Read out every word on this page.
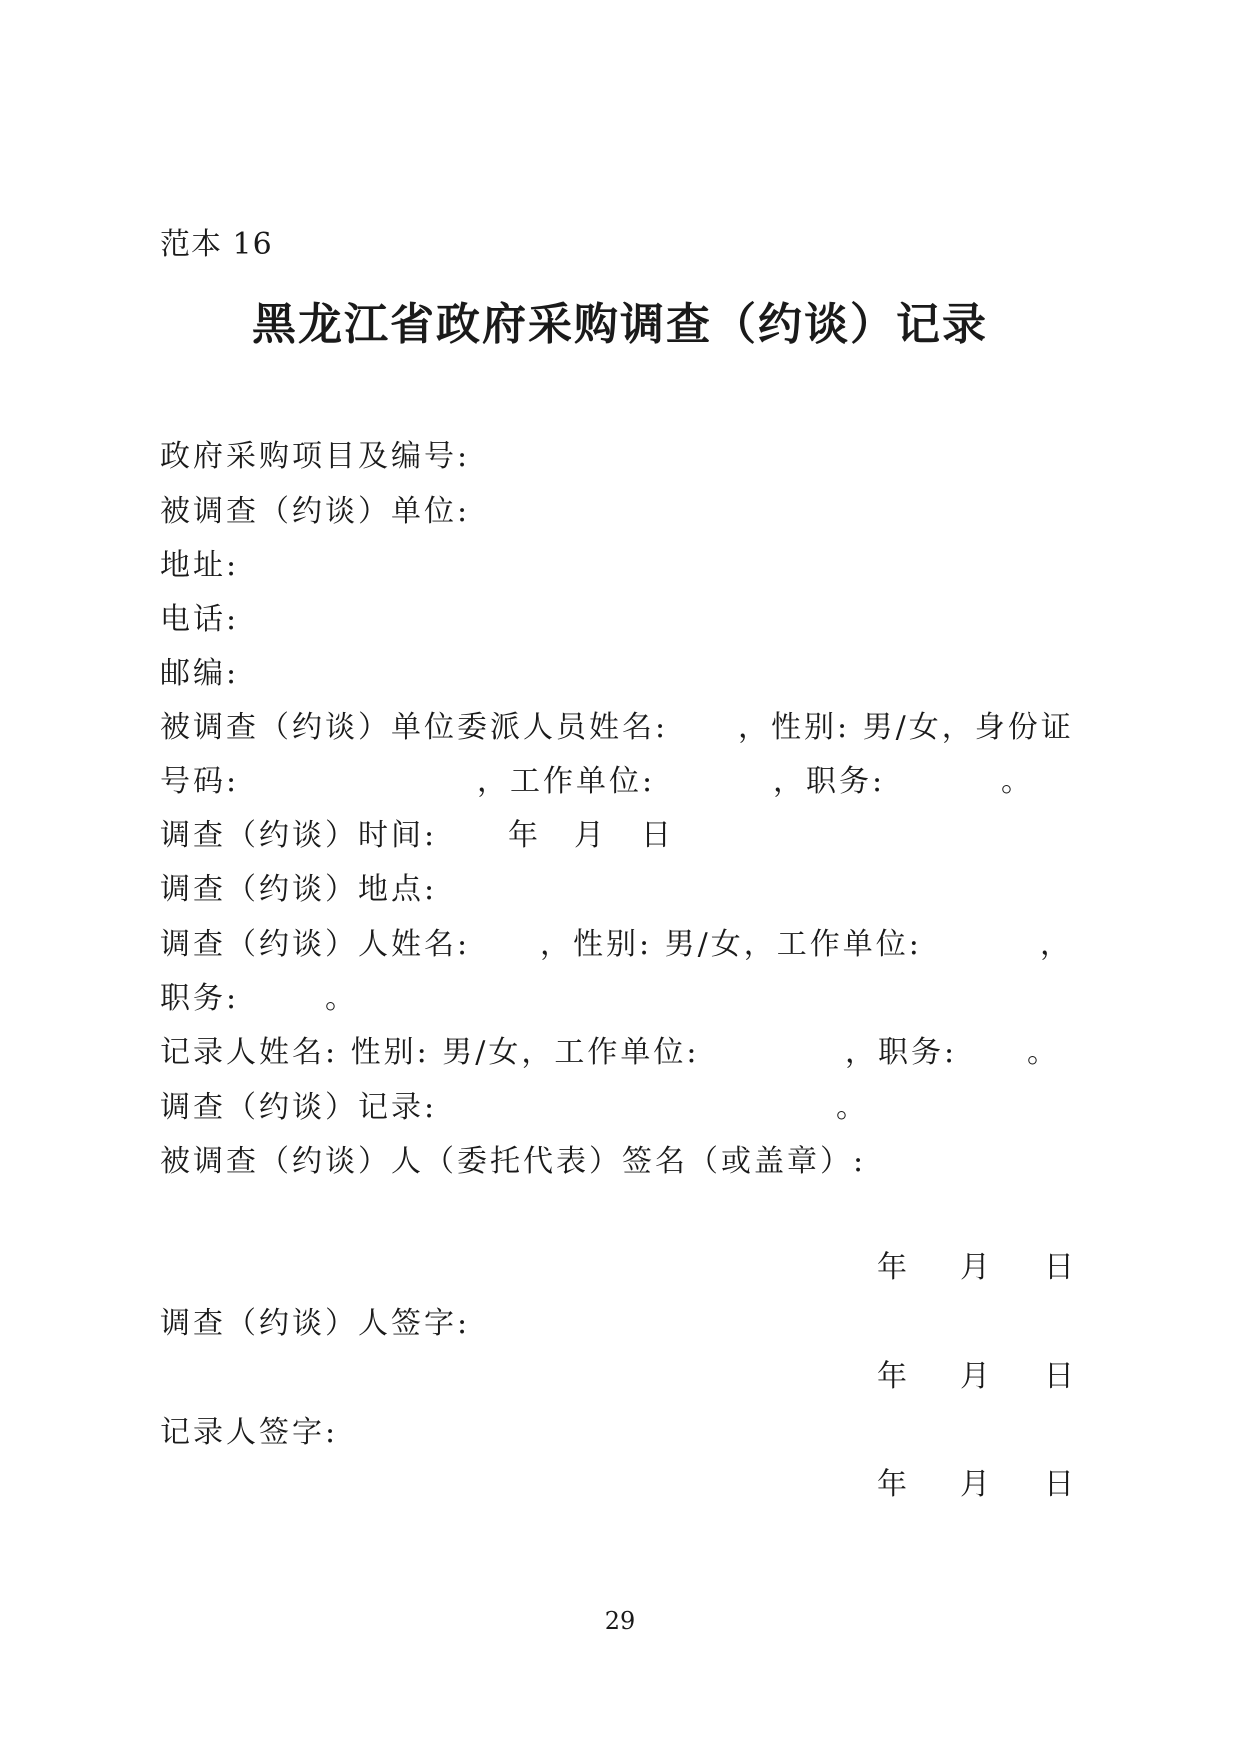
范本 16
黑龙江省政府采购调查（约谈）记录
政府采购项目及编号:
被调查（约谈）单位:
地址:
电话:
邮编:
被调查（约谈）单位委派人员姓名: ，性别: 男/女，身份证
号码:	，工作单位:	，职务:	。
调查（约谈）时间: 年 月 日
调查（约谈）地点:
调查（约谈）人姓名: ，性别: 男/女，工作单位:	，
职务:	。
记录人姓名: 性别: 男/女，工作单位:	，职务: 。
调查（约谈）记录:	。
被调查（约谈）人（委托代表）签名（或盖章）:
年 月 日
调查（约谈）人签字:
年 月 日
记录人签字:
年 月 日
29
